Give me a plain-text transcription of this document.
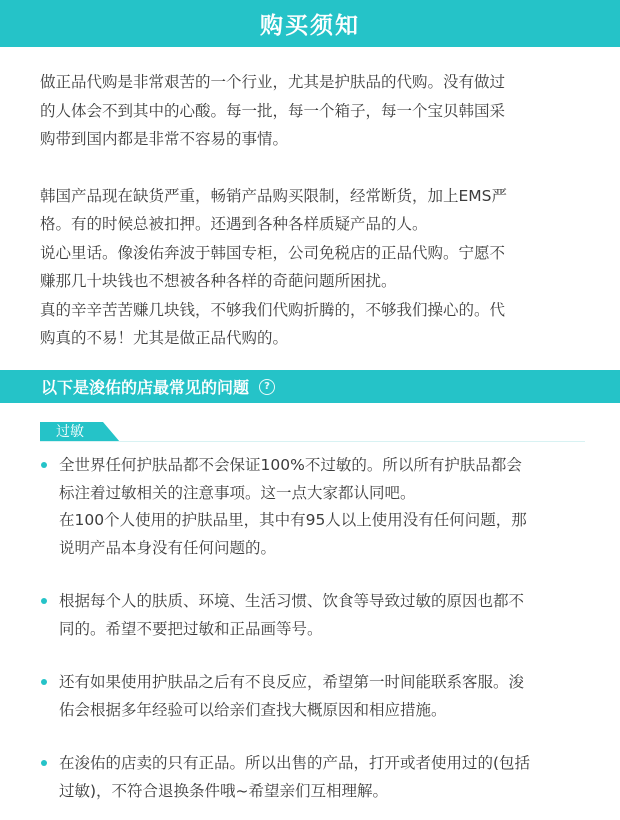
购买须知

做正品代购是非常艰苦的一个行业，尤其是护肤品的代购。没有做过

的人体会不到其中的心酸。每一批，每一个箱子，每一个宝贝韩国采

购带到国内都是非常不容易的事情。

韩国产品现在缺货严重，畅销产品购买限制，经常断货，加上EMS严

格。有的时候总被扣押。还遇到各种各样质疑产品的人。

说心里话。像浚佑奔波于韩国专柜，公司免税店的正品代购。宁愿不

赚那几十块钱也不想被各种各样的奇葩问题所困扰。

真的辛辛苦苦赚几块钱，不够我们代购折腾的，不够我们操心的。代

购真的不易！尤其是做正品代购的。

以下是浚佑的店最常见的问题	?
过敏

全世界任何护肤品都不会保证100%不过敏的。所以所有护肤品都会

标注着过敏相关的注意事项。这一点大家都认同吧。

在100个人使用的护肤品里，其中有95人以上使用没有任何问题，那

说明产品本身没有任何问题的。

根据每个人的肤质、环境、生活习惯、饮食等导致过敏的原因也都不

同的。希望不要把过敏和正品画等号。

还有如果使用护肤品之后有不良反应，希望第一时间能联系客服。浚

佑会根据多年经验可以给亲们查找大概原因和相应措施。

在浚佑的店卖的只有正品。所以出售的产品，打开或者使用过的(包括

过敏)，不符合退换条件哦~希望亲们互相理解。
